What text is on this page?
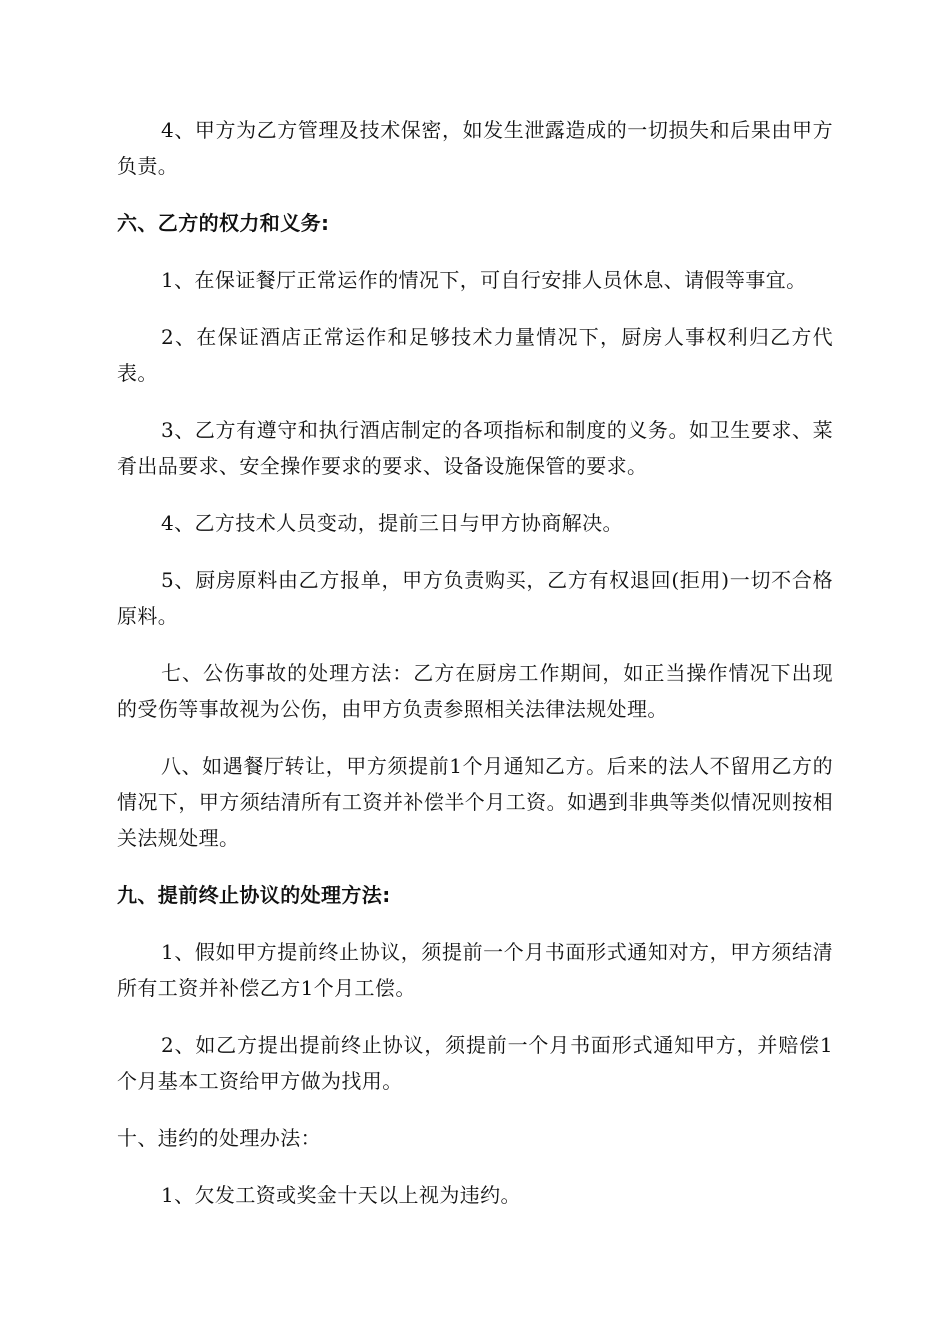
4、甲方为乙方管理及技术保密，如发生泄露造成的一切损失和后果由甲方负责。

六、乙方的权力和义务:

1、在保证餐厅正常运作的情况下，可自行安排人员休息、请假等事宜。

2、在保证酒店正常运作和足够技术力量情况下，厨房人事权利归乙方代表。

3、乙方有遵守和执行酒店制定的各项指标和制度的义务。如卫生要求、菜肴出品要求、安全操作要求的要求、设备设施保管的要求。

4、乙方技术人员变动，提前三日与甲方协商解决。

5、厨房原料由乙方报单，甲方负责购买，乙方有权退回(拒用)一切不合格原料。

七、公伤事故的处理方法：乙方在厨房工作期间，如正当操作情况下出现的受伤等事故视为公伤，由甲方负责参照相关法律法规处理。

八、如遇餐厅转让，甲方须提前1个月通知乙方。后来的法人不留用乙方的情况下，甲方须结清所有工资并补偿半个月工资。如遇到非典等类似情况则按相关法规处理。

九、提前终止协议的处理方法:

1、假如甲方提前终止协议，须提前一个月书面形式通知对方，甲方须结清所有工资并补偿乙方1个月工偿。

2、如乙方提出提前终止协议，须提前一个月书面形式通知甲方，并赔偿1个月基本工资给甲方做为找用。

十、违约的处理办法：

1、欠发工资或奖金十天以上视为违约。
